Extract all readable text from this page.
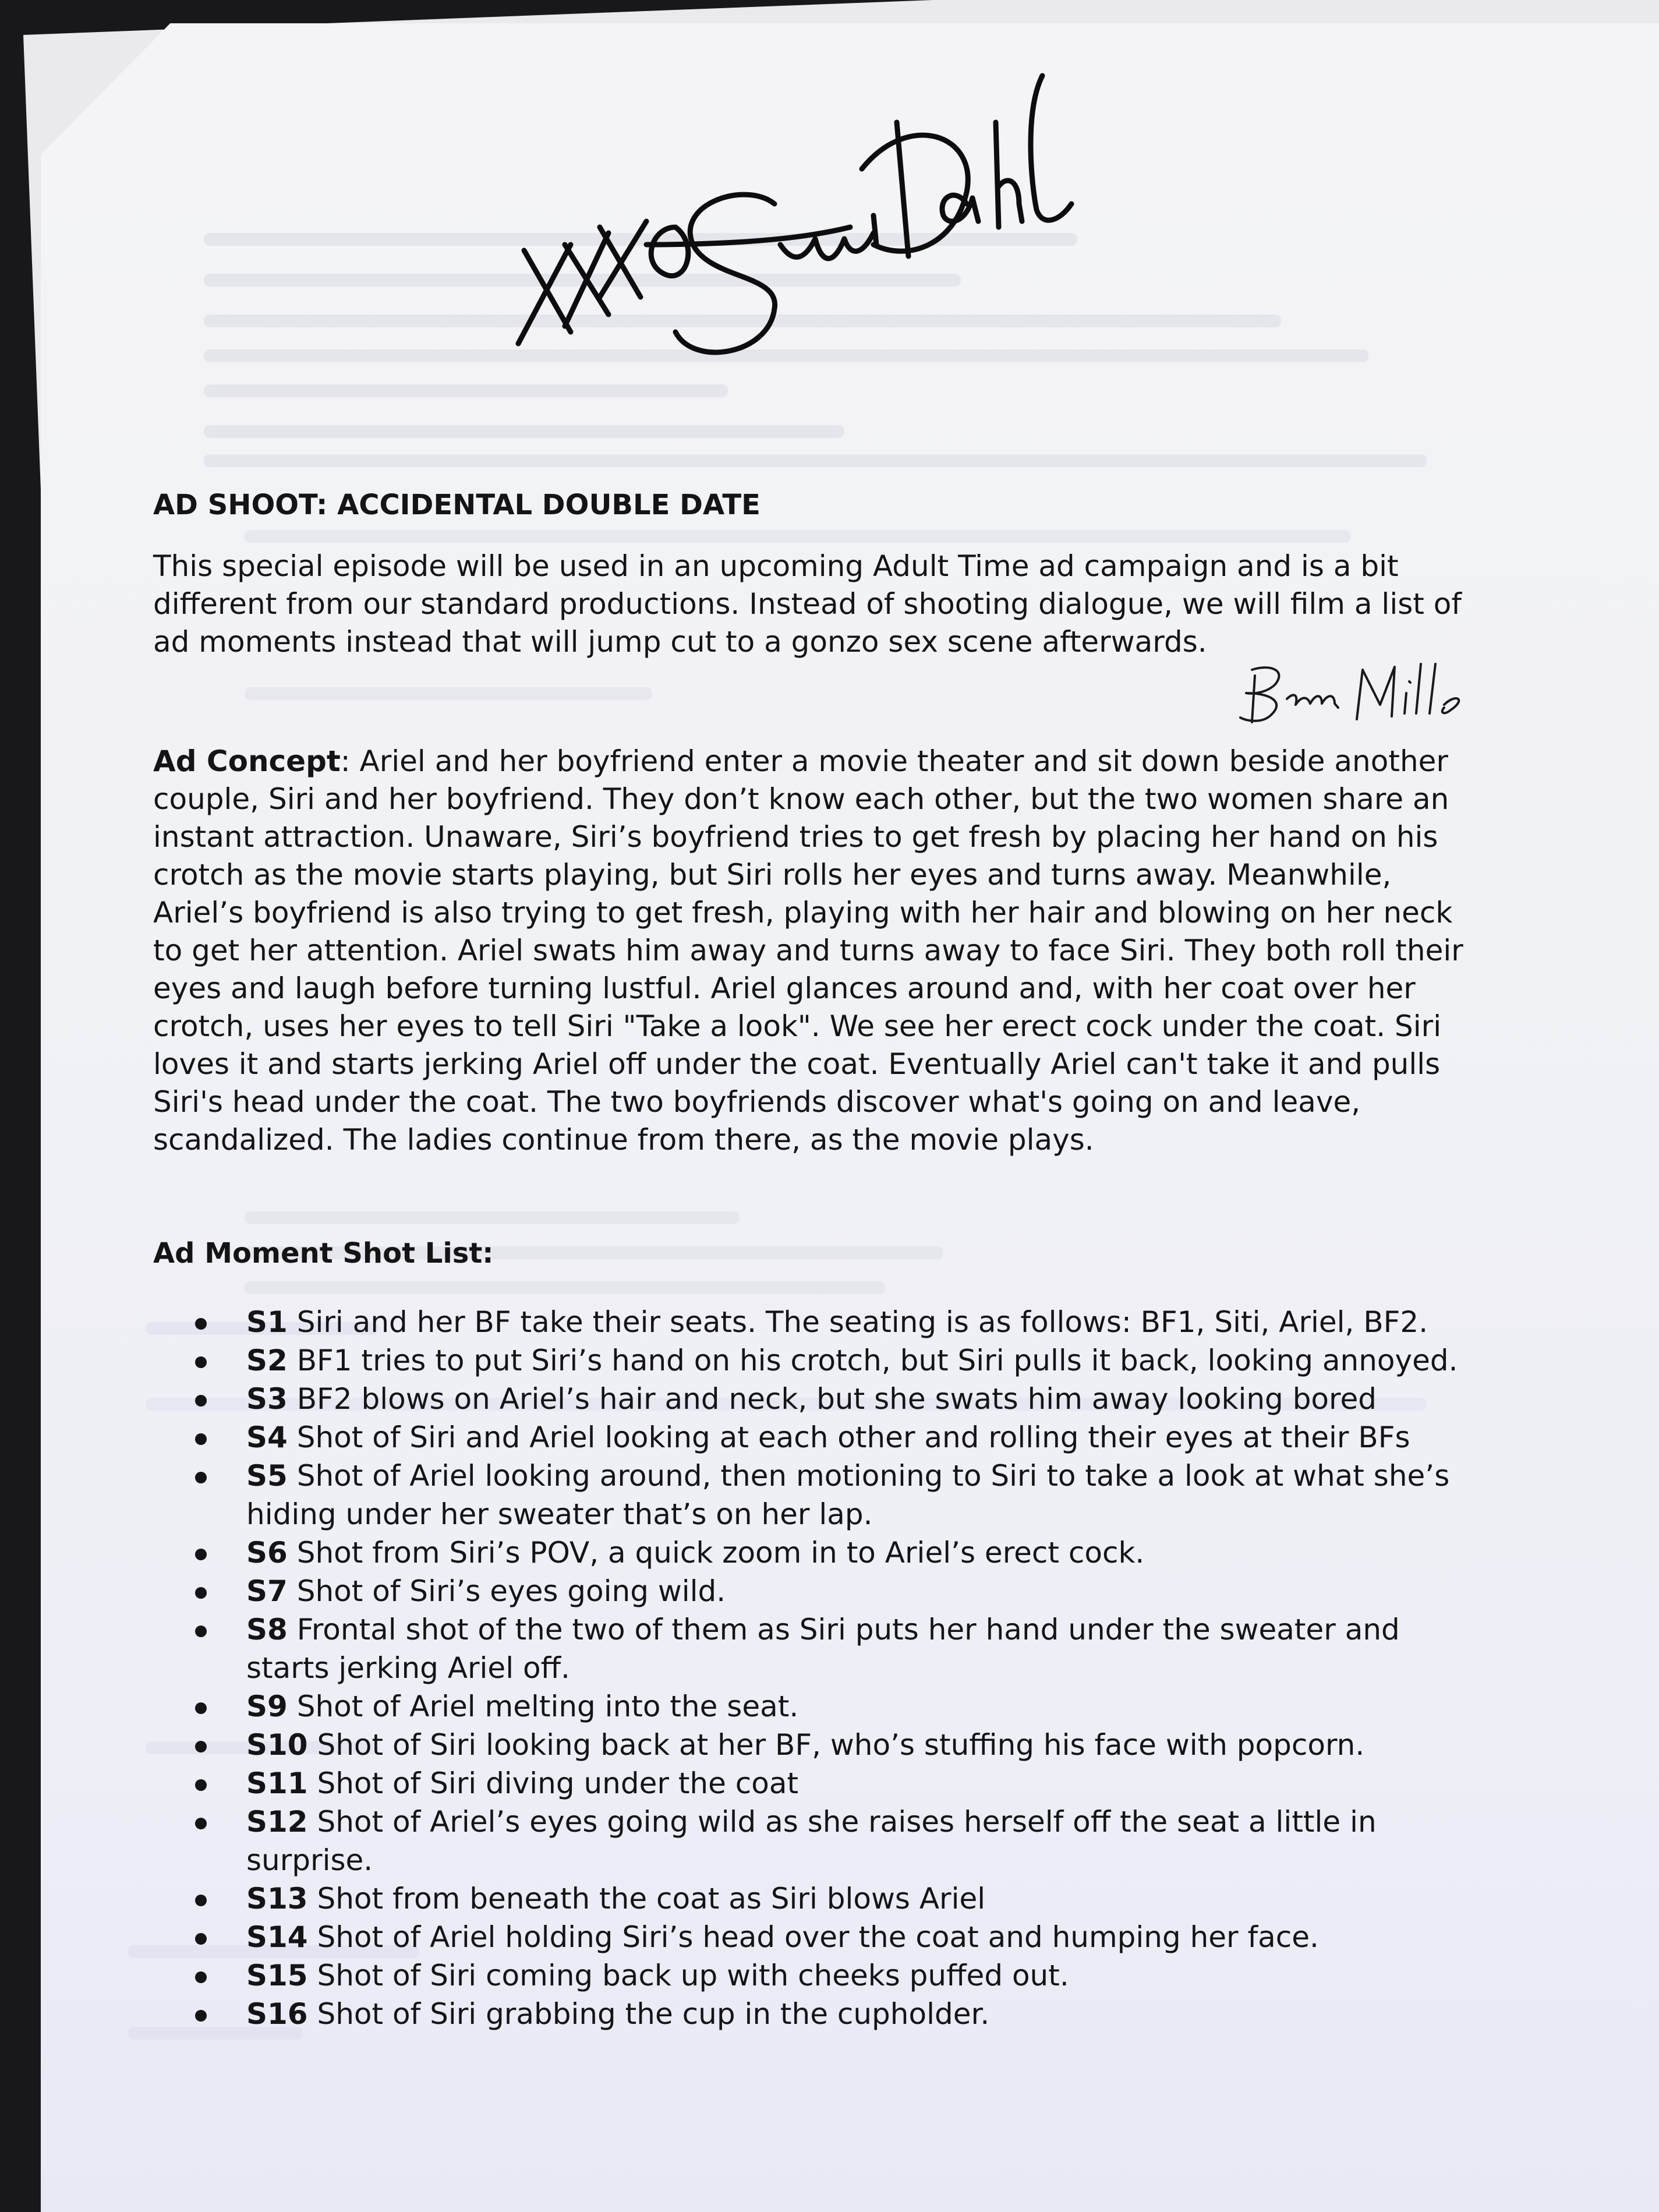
AD SHOOT: ACCIDENTAL DOUBLE DATE

This special episode will be used in an upcoming Adult Time ad campaign and is a bit different from our standard productions. Instead of shooting dialogue, we will film a list of ad moments instead that will jump cut to a gonzo sex scene afterwards.

Ad Concept: Ariel and her boyfriend enter a movie theater and sit down beside another couple, Siri and her boyfriend. They don’t know each other, but the two women share an instant attraction. Unaware, Siri’s boyfriend tries to get fresh by placing her hand on his crotch as the movie starts playing, but Siri rolls her eyes and turns away. Meanwhile, Ariel’s boyfriend is also trying to get fresh, playing with her hair and blowing on her neck to get her attention. Ariel swats him away and turns away to face Siri. They both roll their eyes and laugh before turning lustful. Ariel glances around and, with her coat over her crotch, uses her eyes to tell Siri "Take a look". We see her erect cock under the coat. Siri loves it and starts jerking Ariel off under the coat. Eventually Ariel can't take it and pulls Siri's head under the coat. The two boyfriends discover what's going on and leave, scandalized. The ladies continue from there, as the movie plays.

Ad Moment Shot List:

S1 Siri and her BF take their seats. The seating is as follows: BF1, Siti, Ariel, BF2.
S2 BF1 tries to put Siri’s hand on his crotch, but Siri pulls it back, looking annoyed.
S3 BF2 blows on Ariel’s hair and neck, but she swats him away looking bored
S4 Shot of Siri and Ariel looking at each other and rolling their eyes at their BFs
S5 Shot of Ariel looking around, then motioning to Siri to take a look at what she’s hiding under her sweater that’s on her lap.
S6 Shot from Siri’s POV, a quick zoom in to Ariel’s erect cock.
S7 Shot of Siri’s eyes going wild.
S8 Frontal shot of the two of them as Siri puts her hand under the sweater and starts jerking Ariel off.
S9 Shot of Ariel melting into the seat.
S10 Shot of Siri looking back at her BF, who’s stuffing his face with popcorn.
S11 Shot of Siri diving under the coat
S12 Shot of Ariel’s eyes going wild as she raises herself off the seat a little in surprise.
S13 Shot from beneath the coat as Siri blows Ariel
S14 Shot of Ariel holding Siri’s head over the coat and humping her face.
S15 Shot of Siri coming back up with cheeks puffed out.
S16 Shot of Siri grabbing the cup in the cupholder.
